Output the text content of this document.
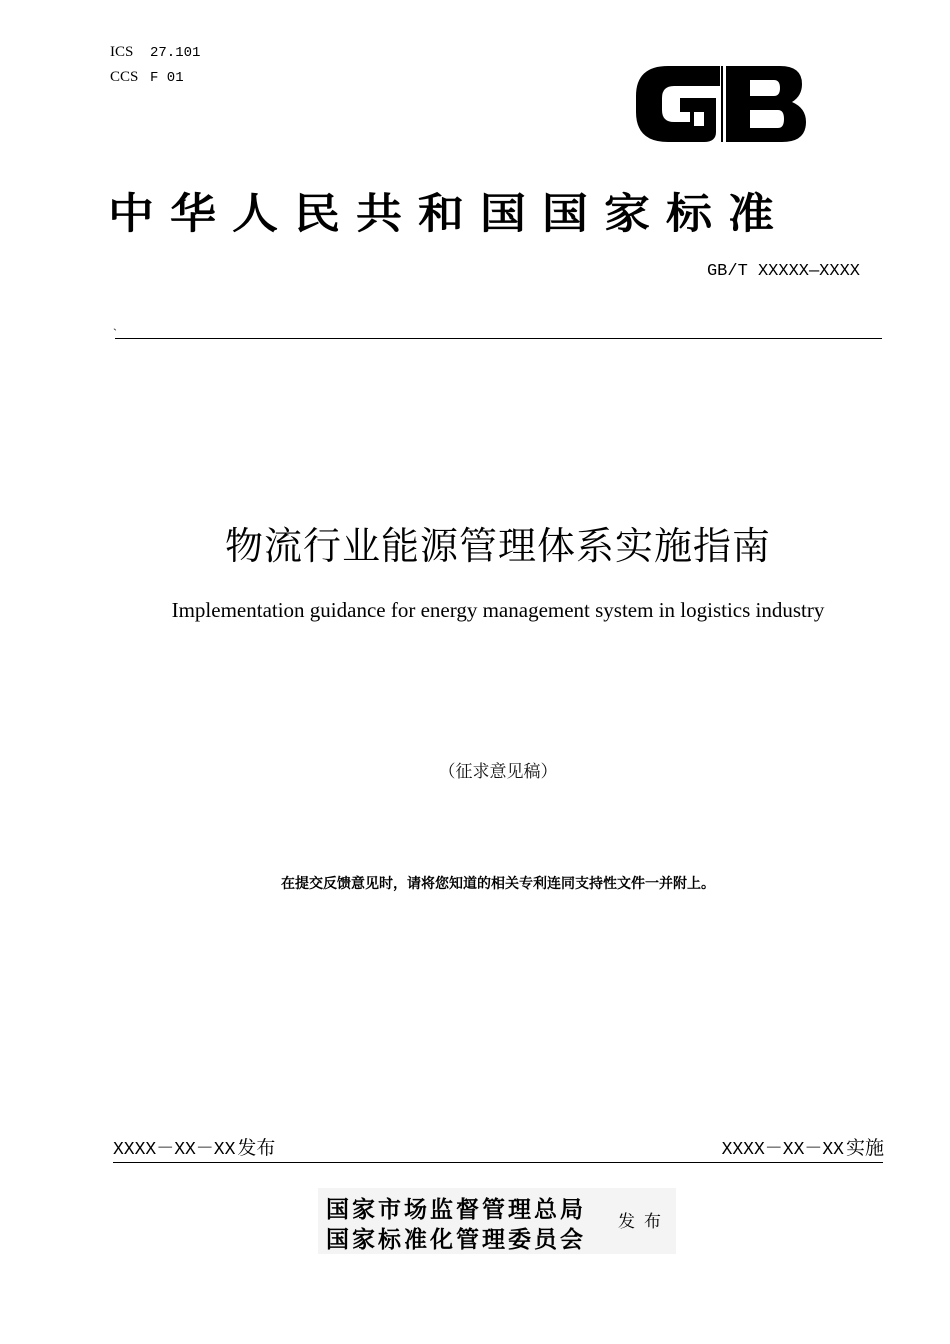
ICS	27.101
CCS F 01
中华人民共和国国家标准
GB/T XXXXX—XXXX
`
物流行业能源管理体系实施指南
Implementation guidance for energy management system in logistics industry
（征求意见稿）
在提交反馈意见时，请将您知道的相关专利连同支持性文件一并附上。
XXXX－XX－XX 发布	XXXX－XX－XX 实施
国家市场监督管理总局
国家标准化管理委员会
发布
